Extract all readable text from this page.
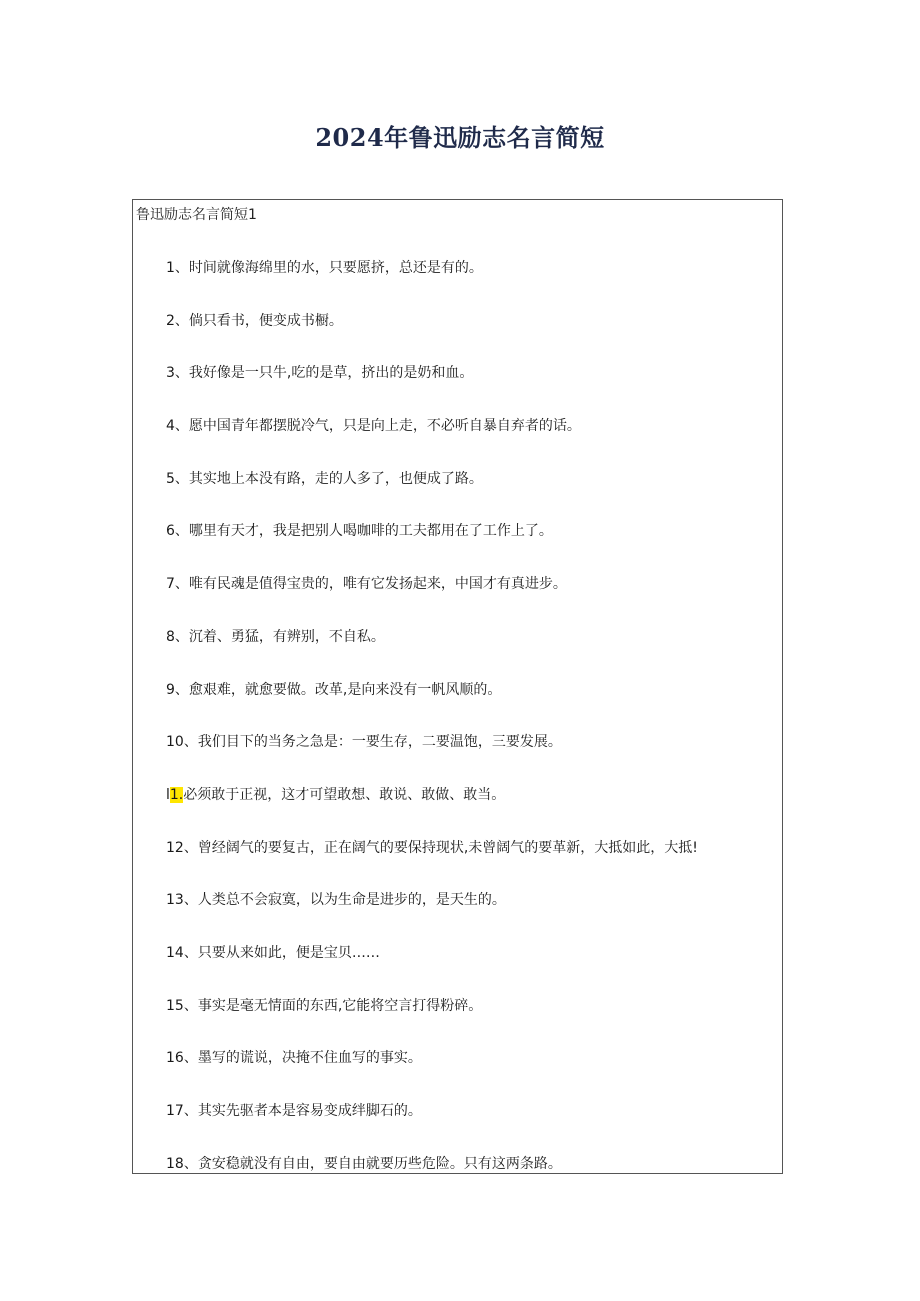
2024年鲁迅励志名言简短
鲁迅励志名言简短1
1、时间就像海绵里的水，只要愿挤，总还是有的。
2、倘只看书，便变成书橱。
3、我好像是一只牛,吃的是草，挤出的是奶和血。
4、愿中国青年都摆脱冷气，只是向上走，不必听自暴自弃者的话。
5、其实地上本没有路，走的人多了，也便成了路。
6、哪里有天才，我是把别人喝咖啡的工夫都用在了工作上了。
7、唯有民魂是值得宝贵的，唯有它发扬起来，中国才有真进步。
8、沉着、勇猛，有辨别，不自私。
9、愈艰难，就愈要做。改革,是向来没有一帆风顺的。
10、我们目下的当务之急是：一要生存，二要温饱，三要发展。
l1.必须敢于正视，这才可望敢想、敢说、敢做、敢当。
12、曾经阔气的要复古，正在阔气的要保持现状,未曾阔气的要革新，大抵如此，大抵!
13、人类总不会寂寞，以为生命是进步的，是天生的。
14、只要从来如此，便是宝贝……
15、事实是毫无情面的东西,它能将空言打得粉碎。
16、墨写的谎说，决掩不住血写的事实。
17、其实先驱者本是容易变成绊脚石的。
18、贪安稳就没有自由，要自由就要历些危险。只有这两条路。
